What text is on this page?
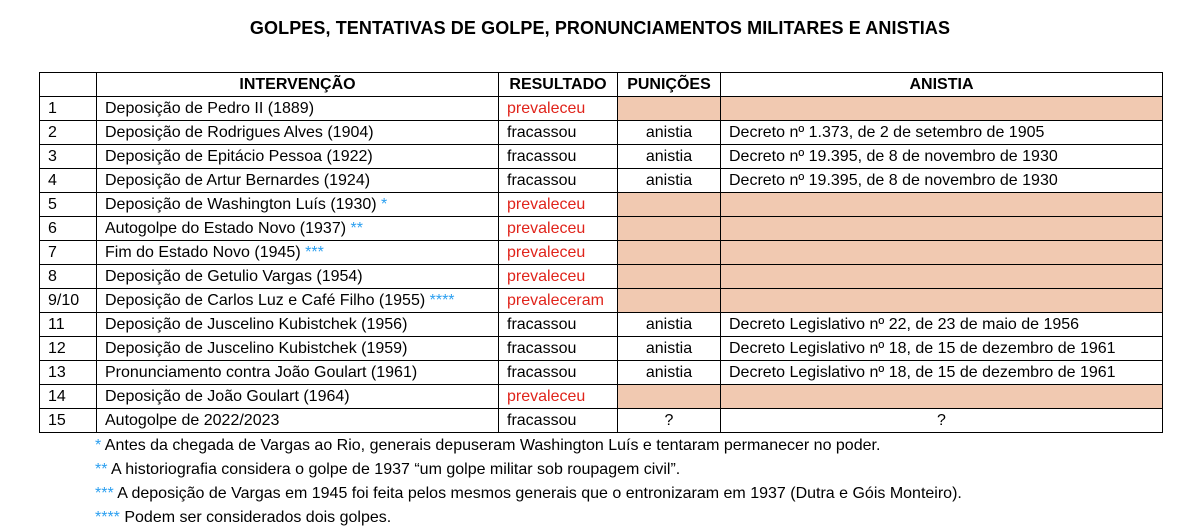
GOLPES, TENTATIVAS DE GOLPE, PRONUNCIAMENTOS MILITARES E ANISTIAS
	INTERVENÇÃO	RESULTADO	PUNIÇÕES	ANISTIA
1	Deposição de Pedro II (1889)	prevaleceu		
2	Deposição de Rodrigues Alves (1904)	fracassou	anistia	Decreto nº 1.373, de 2 de setembro de 1905
3	Deposição de Epitácio Pessoa (1922)	fracassou	anistia	Decreto nº 19.395, de 8 de novembro de 1930
4	Deposição de Artur Bernardes (1924)	fracassou	anistia	Decreto nº 19.395, de 8 de novembro de 1930
5	Deposição de Washington Luís (1930) *	prevaleceu		
6	Autogolpe do Estado Novo (1937) **	prevaleceu		
7	Fim do Estado Novo (1945) ***	prevaleceu		
8	Deposição de Getulio Vargas (1954)	prevaleceu		
9/10	Deposição de Carlos Luz e Café Filho (1955) ****	prevaleceram		
11	Deposição de Juscelino Kubistchek (1956)	fracassou	anistia	Decreto Legislativo nº 22, de 23 de maio de 1956
12	Deposição de Juscelino Kubistchek (1959)	fracassou	anistia	Decreto Legislativo nº 18, de 15 de dezembro de 1961
13	Pronunciamento contra João Goulart (1961)	fracassou	anistia	Decreto Legislativo nº 18, de 15 de dezembro de 1961
14	Deposição de João Goulart (1964)	prevaleceu		
15	Autogolpe de 2022/2023	fracassou	?	?
* Antes da chegada de Vargas ao Rio, generais depuseram Washington Luís e tentaram permanecer no poder.
** A historiografia considera o golpe de 1937 “um golpe militar sob roupagem civil”.
*** A deposição de Vargas em 1945 foi feita pelos mesmos generais que o entronizaram em 1937 (Dutra e Góis Monteiro).
**** Podem ser considerados dois golpes.
